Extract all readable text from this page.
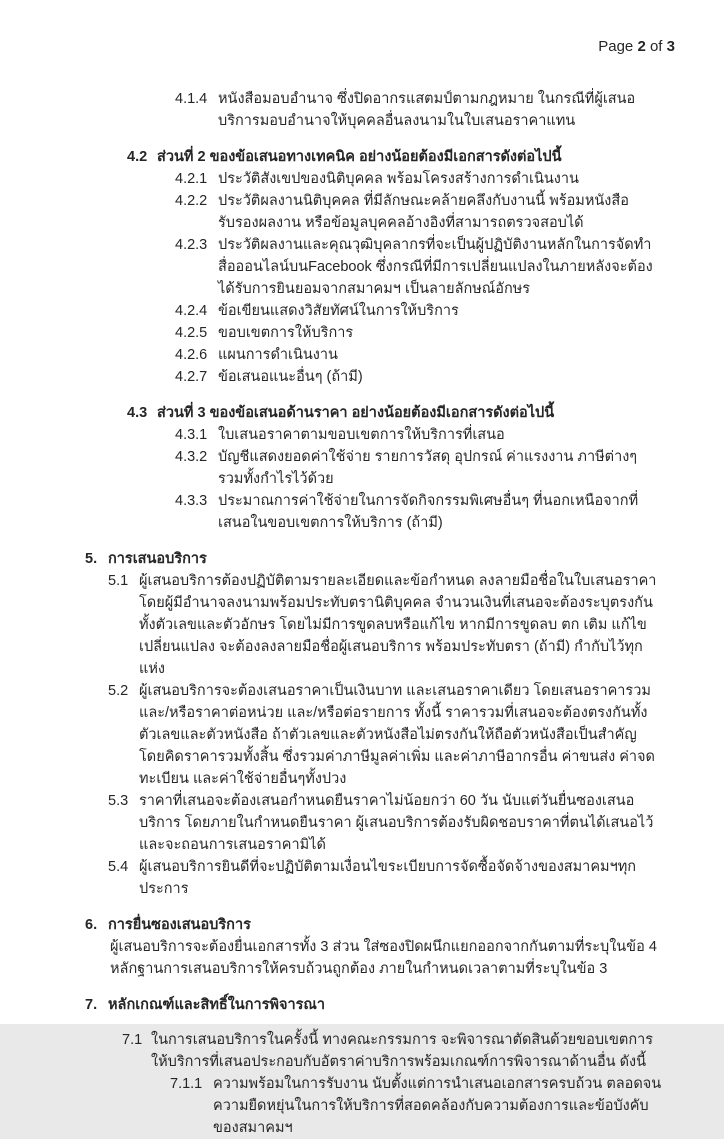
Page 2 of 3
4.1.4 หนังสือมอบอำนาจ ซึ่งปิดอากรแสตมป์ตามกฎหมาย ในกรณีที่ผู้เสนอบริการมอบอำนาจให้บุคคลอื่นลงนามในใบเสนอราคาแทน
4.2 ส่วนที่ 2 ของข้อเสนอทางเทคนิค อย่างน้อยต้องมีเอกสารดังต่อไปนี้
4.2.1 ประวัติสังเขปของนิติบุคคล พร้อมโครงสร้างการดำเนินงาน
4.2.2 ประวัติผลงานนิติบุคคล ที่มีลักษณะคล้ายคลึงกับงานนี้ พร้อมหนังสือรับรองผลงาน หรือข้อมูลบุคคลอ้างอิงที่สามารถตรวจสอบได้
4.2.3 ประวัติผลงานและคุณวุฒิบุคลากรที่จะเป็นผู้ปฏิบัติงานหลักในการจัดทำสื่อออนไลน์บนFacebook ซึ่งกรณีที่มีการเปลี่ยนแปลงในภายหลังจะต้องได้รับการยินยอมจากสมาคมฯ เป็นลายลักษณ์อักษร
4.2.4 ข้อเขียนแสดงวิสัยทัศน์ในการให้บริการ
4.2.5 ขอบเขตการให้บริการ
4.2.6 แผนการดำเนินงาน
4.2.7 ข้อเสนอแนะอื่นๆ (ถ้ามี)
4.3 ส่วนที่ 3 ของข้อเสนอด้านราคา อย่างน้อยต้องมีเอกสารดังต่อไปนี้
4.3.1 ใบเสนอราคาตามขอบเขตการให้บริการที่เสนอ
4.3.2 บัญชีแสดงยอดค่าใช้จ่าย รายการวัสดุ อุปกรณ์ ค่าแรงงาน ภาษีต่างๆ รวมทั้งกำไรไว้ด้วย
4.3.3 ประมาณการค่าใช้จ่ายในการจัดกิจกรรมพิเศษอื่นๆ ที่นอกเหนือจากที่เสนอในขอบเขตการให้บริการ (ถ้ามี)
5. การเสนอบริการ
5.1 ผู้เสนอบริการต้องปฏิบัติตามรายละเอียดและข้อกำหนด ลงลายมือชื่อในใบเสนอราคาโดยผู้มีอำนาจลงนามพร้อมประทับตรานิติบุคคล จำนวนเงินที่เสนอจะต้องระบุตรงกันทั้งตัวเลขและตัวอักษร โดยไม่มีการขูดลบหรือแก้ไข หากมีการขูดลบ ตก เติม แก้ไข เปลี่ยนแปลง จะต้องลงลายมือชื่อผู้เสนอบริการ พร้อมประทับตรา (ถ้ามี) กำกับไว้ทุกแห่ง
5.2 ผู้เสนอบริการจะต้องเสนอราคาเป็นเงินบาท และเสนอราคาเดียว โดยเสนอราคารวม และ/หรือราคาต่อหน่วย และ/หรือต่อรายการ ทั้งนี้ ราคารวมที่เสนอจะต้องตรงกันทั้งตัวเลขและตัวหนังสือ ถ้าตัวเลขและตัวหนังสือไม่ตรงกันให้ถือตัวหนังสือเป็นสำคัญ โดยคิดราคารวมทั้งสิ้น ซึ่งรวมค่าภาษีมูลค่าเพิ่ม และค่าภาษีอากรอื่น ค่าขนส่ง ค่าจดทะเบียน และค่าใช้จ่ายอื่นๆทั้งปวง
5.3 ราคาที่เสนอจะต้องเสนอกำหนดยืนราคาไม่น้อยกว่า 60 วัน นับแต่วันยื่นซองเสนอบริการ โดยภายในกำหนดยืนราคา ผู้เสนอบริการต้องรับผิดชอบราคาที่ตนได้เสนอไว้ และจะถอนการเสนอราคามิได้
5.4 ผู้เสนอบริการยินดีที่จะปฏิบัติตามเงื่อนไขระเบียบการจัดซื้อจัดจ้างของสมาคมฯทุกประการ
6. การยื่นซองเสนอบริการ
ผู้เสนอบริการจะต้องยื่นเอกสารทั้ง 3 ส่วน ใส่ซองปิดผนึกแยกออกจากกันตามที่ระบุในข้อ 4 หลักฐานการเสนอบริการให้ครบถ้วนถูกต้อง ภายในกำหนดเวลาตามที่ระบุในข้อ 3
7. หลักเกณฑ์และสิทธิ์ในการพิจารณา
7.1 ในการเสนอบริการในครั้งนี้ ทางคณะกรรมการ จะพิจารณาตัดสินด้วยขอบเขตการให้บริการที่เสนอประกอบกับอัตราค่าบริการพร้อมเกณฑ์การพิจารณาด้านอื่น ดังนี้
7.1.1 ความพร้อมในการรับงาน นับตั้งแต่การนำเสนอเอกสารครบถ้วน ตลอดจนความยืดหยุ่นในการให้บริการที่สอดคล้องกับความต้องการและข้อบังคับของสมาคมฯ
